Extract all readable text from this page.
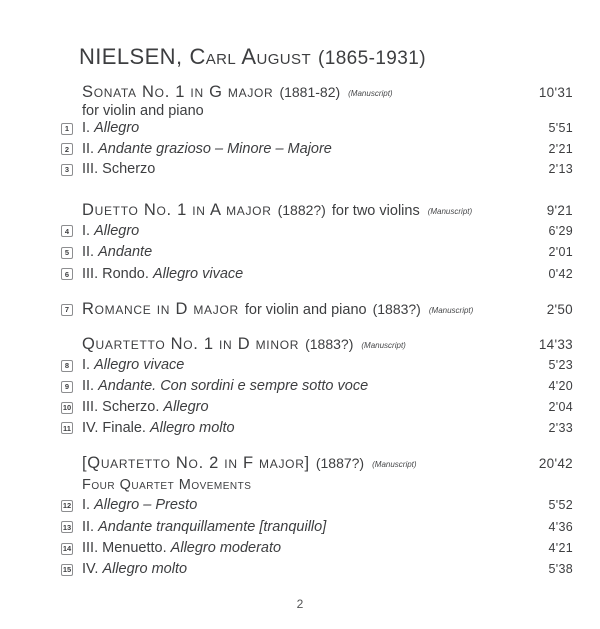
NIELSEN, Carl August (1865-1931)
Sonata No. 1 in G major (1881-82) (Manuscript)	10'31
for violin and piano
1 I. Allegro	5'51
2 II. Andante grazioso – Minore – Majore	2'21
3 III. Scherzo	2'13
Duetto No. 1 in A major (1882?) for two violins (Manuscript)	9'21
4 I. Allegro	6'29
5 II. Andante	2'01
6 III. Rondo. Allegro vivace	0'42
7 Romance in D major for violin and piano (1883?) (Manuscript)	2'50
Quartetto No. 1 in D minor (1883?) (Manuscript)	14'33
8 I. Allegro vivace	5'23
9 II. Andante. Con sordini e sempre sotto voce	4'20
10 III. Scherzo. Allegro	2'04
11 IV. Finale. Allegro molto	2'33
[Quartetto No. 2 in F major] (1887?) (Manuscript)	20'42
Four Quartet Movements
12 I. Allegro – Presto	5'52
13 II. Andante tranquillamente [tranquillo]	4'36
14 III. Menuetto. Allegro moderato	4'21
15 IV. Allegro molto	5'38
2
